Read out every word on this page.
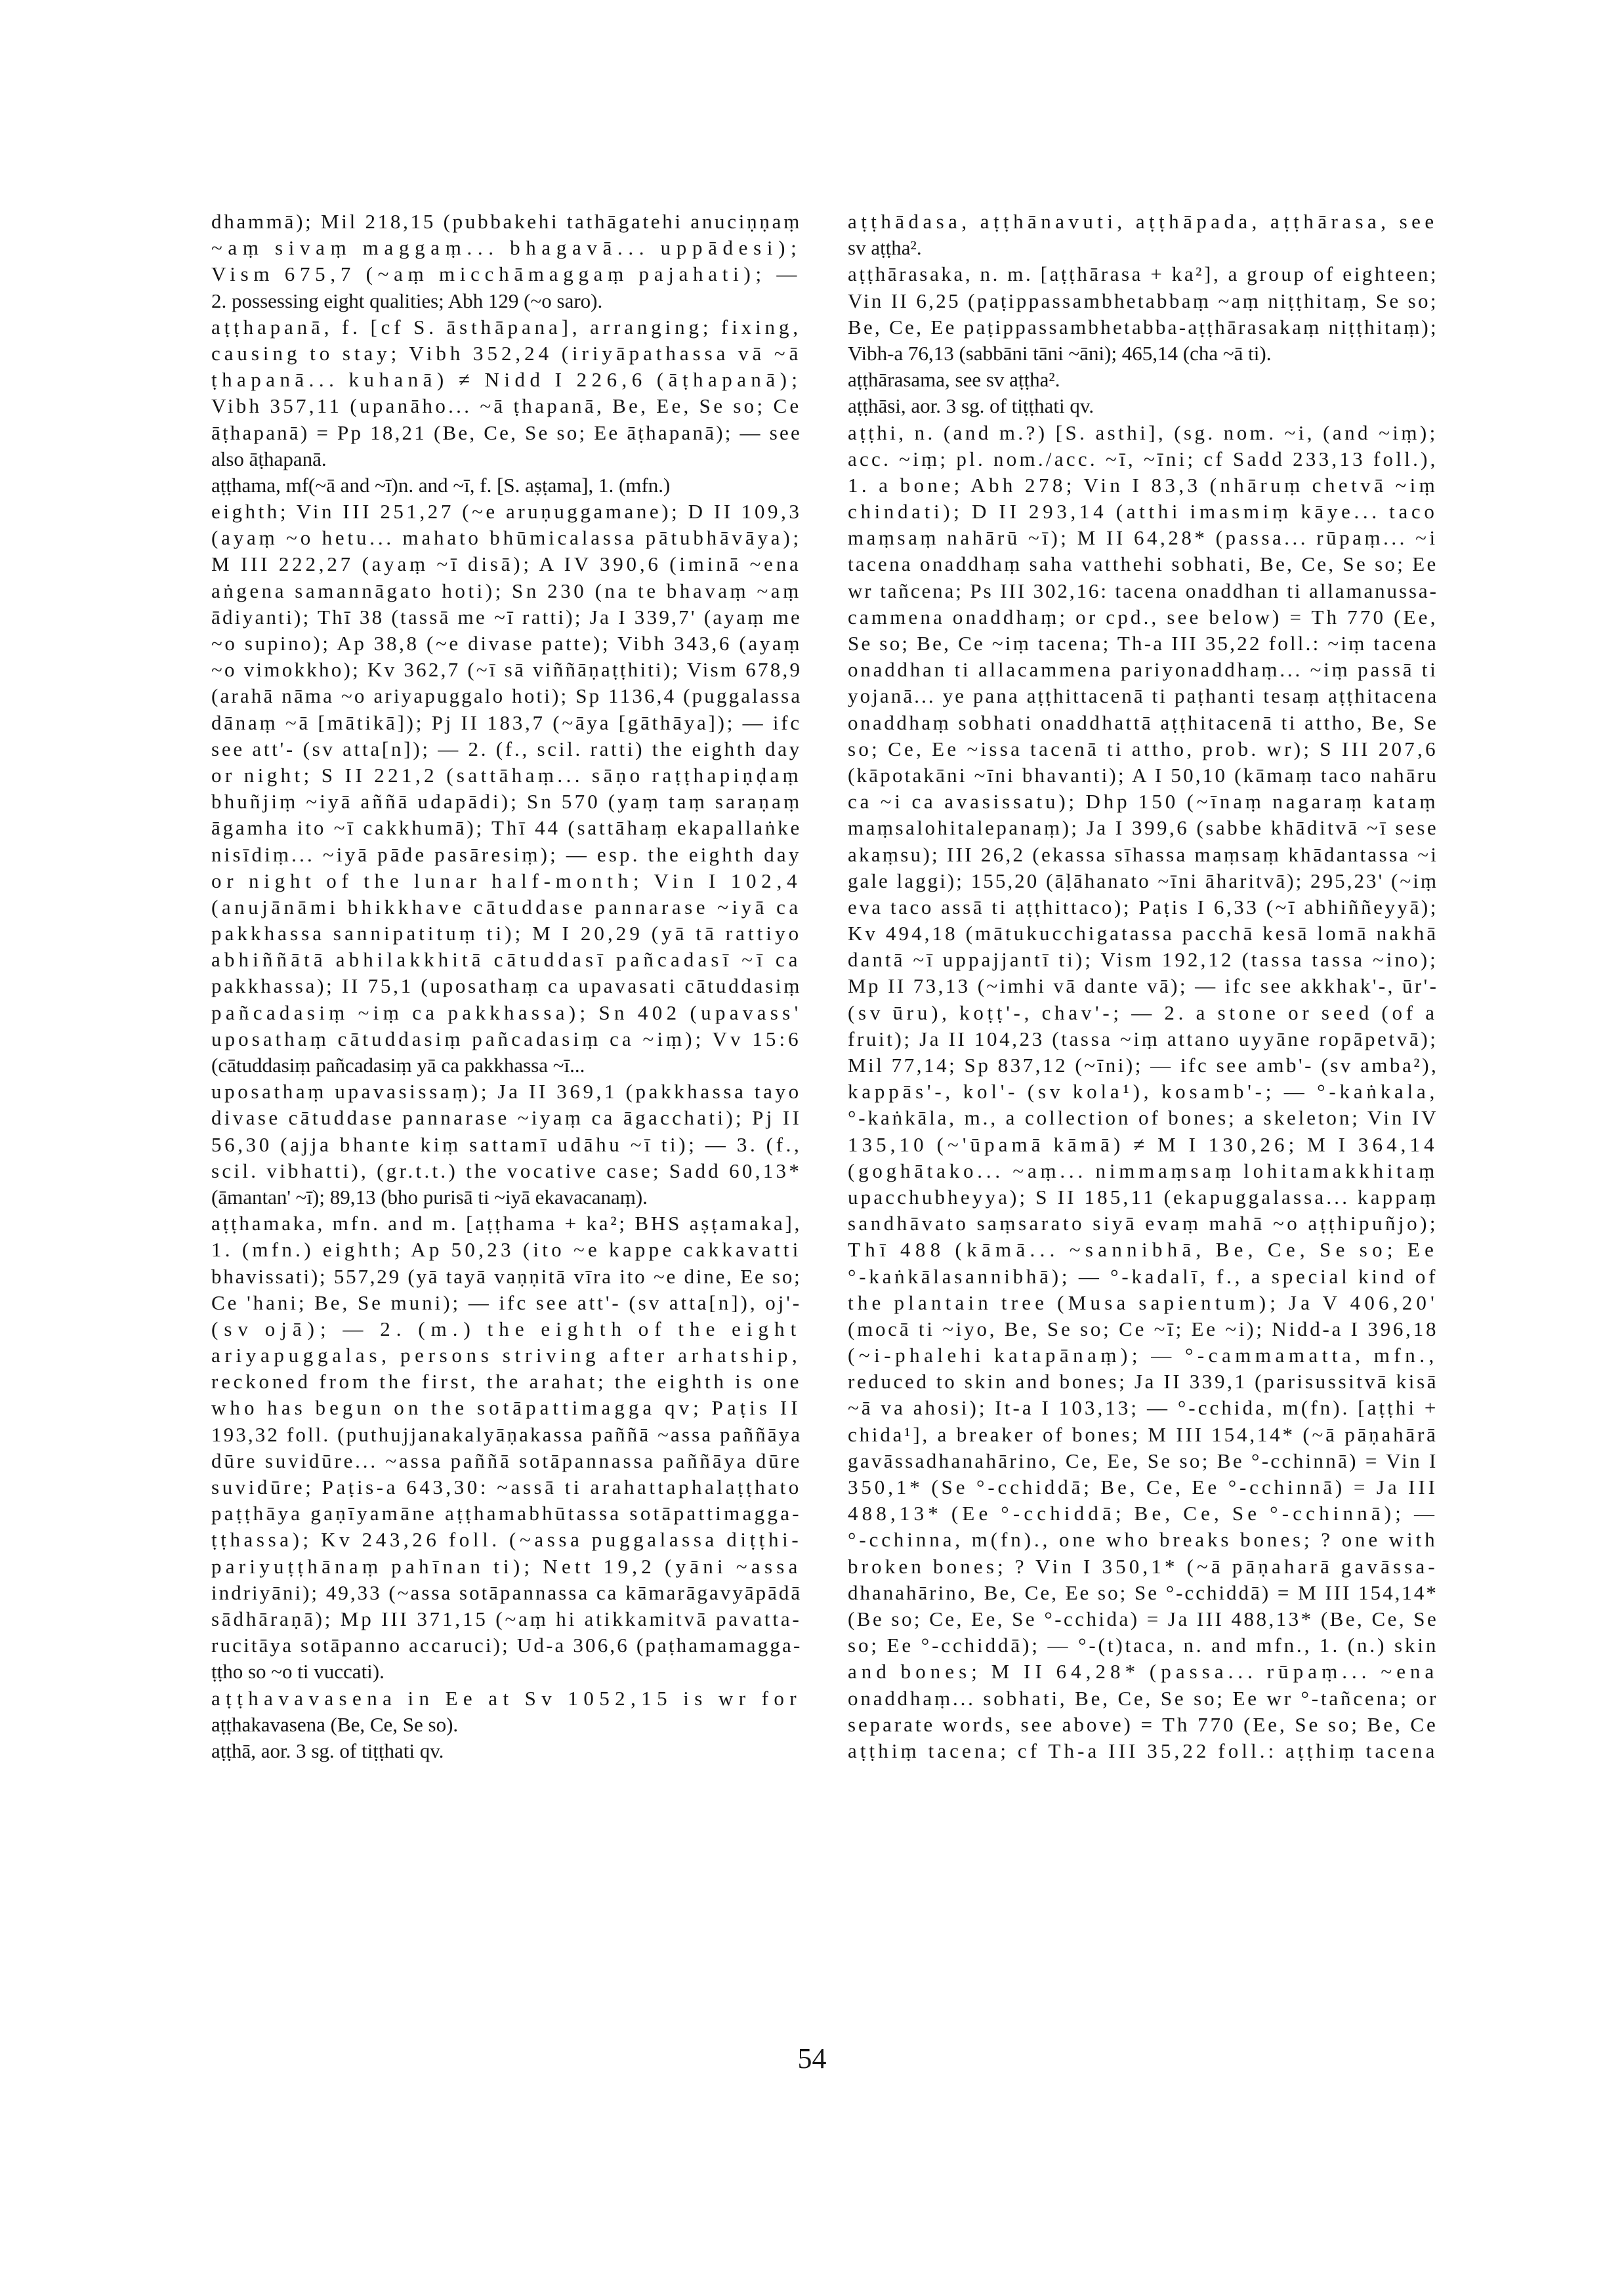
dhammā); Mil 218,15 (pubbakehi tathāgatehi anuciṇṇaṃ
~aṃ sivaṃ maggaṃ... bhagavā... uppādesi);
Vism 675,7 (~aṃ micchāmaggaṃ pajahati); —
2. possessing eight qualities; Abh 129 (~o saro).
aṭṭhapanā, f. [cf S. āsthāpana], arranging; fixing,
causing to stay; Vibh 352,24 (iriyāpathassa vā ~ā
ṭhapanā... kuhanā) ≠ Nidd I 226,6 (āṭhapanā);
Vibh 357,11 (upanāho... ~ā ṭhapanā, Be, Ee, Se so; Ce
āṭhapanā) = Pp 18,21 (Be, Ce, Se so; Ee āṭhapanā); — see
also āṭhapanā.
aṭṭhama, mf(~ā and ~ī)n. and ~ī, f. [S. aṣṭama], 1. (mfn.)
eighth; Vin III 251,27 (~e aruṇuggamane); D II 109,3
(ayaṃ ~o hetu... mahato bhūmicalassa pātubhāvāya);
M III 222,27 (ayaṃ ~ī disā); A IV 390,6 (iminā ~ena
aṅgena samannāgato hoti); Sn 230 (na te bhavaṃ ~aṃ
ādiyanti); Thī 38 (tassā me ~ī ratti); Ja I 339,7' (ayaṃ me
~o supino); Ap 38,8 (~e divase patte); Vibh 343,6 (ayaṃ
~o vimokkho); Kv 362,7 (~ī sā viññāṇaṭṭhiti); Vism 678,9
(arahā nāma ~o ariyapuggalo hoti); Sp 1136,4 (puggalassa
dānaṃ ~ā [mātikā]); Pj II 183,7 (~āya [gāthāya]); — ifc
see att'- (sv atta[n]); — 2. (f., scil. ratti) the eighth day
or night; S II 221,2 (sattāhaṃ... sāṇo raṭṭhapiṇḍaṃ
bhuñjiṃ ~iyā aññā udapādi); Sn 570 (yaṃ taṃ saraṇaṃ
āgamha ito ~ī cakkhumā); Thī 44 (sattāhaṃ ekapallaṅke
nisīdiṃ... ~iyā pāde pasāresiṃ); — esp. the eighth day
or night of the lunar half-month; Vin I 102,4
(anujānāmi bhikkhave cātuddase pannarase ~iyā ca
pakkhassa sannipatituṃ ti); M I 20,29 (yā tā rattiyo
abhiññātā abhilakkhitā cātuddasī pañcadasī ~ī ca
pakkhassa); II 75,1 (uposathaṃ ca upavasati cātuddasiṃ
pañcadasiṃ ~iṃ ca pakkhassa); Sn 402 (upavass'
uposathaṃ cātuddasiṃ pañcadasiṃ ca ~iṃ); Vv 15:6
(cātuddasiṃ pañcadasiṃ yā ca pakkhassa ~ī...
uposathaṃ upavasissaṃ); Ja II 369,1 (pakkhassa tayo
divase cātuddase pannarase ~iyaṃ ca āgacchati); Pj II
56,30 (ajja bhante kiṃ sattamī udāhu ~ī ti); — 3. (f.,
scil. vibhatti), (gr.t.t.) the vocative case; Sadd 60,13*
(āmantan' ~ī); 89,13 (bho purisā ti ~iyā ekavacanaṃ).
aṭṭhamaka, mfn. and m. [aṭṭhama + ka²; BHS aṣṭamaka],
1. (mfn.) eighth; Ap 50,23 (ito ~e kappe cakkavatti
bhavissati); 557,29 (yā tayā vaṇṇitā vīra ito ~e dine, Ee so;
Ce 'hani; Be, Se muni); — ifc see att'- (sv atta[n]), oj'-
(sv ojā); — 2. (m.) the eighth of the eight
ariyapuggalas, persons striving after arhatship,
reckoned from the first, the arahat; the eighth is one
who has begun on the sotāpattimagga qv; Paṭis II
193,32 foll. (puthujjanakalyāṇakassa paññā ~assa paññāya
dūre suvidūre... ~assa paññā sotāpannassa paññāya dūre
suvidūre; Paṭis-a 643,30: ~assā ti arahattaphalaṭṭhato
paṭṭhāya gaṇīyamāne aṭṭhamabhūtassa sotāpattimagga-
ṭṭhassa); Kv 243,26 foll. (~assa puggalassa diṭṭhi-
pariyuṭṭhānaṃ pahīnan ti); Nett 19,2 (yāni ~assa
indriyāni); 49,33 (~assa sotāpannassa ca kāmarāgavyāpādā
sādhāraṇā); Mp III 371,15 (~aṃ hi atikkamitvā pavatta-
rucitāya sotāpanno accaruci); Ud-a 306,6 (paṭhamamagga-
ṭṭho so ~o ti vuccati).
aṭṭhavavasena in Ee at Sv 1052,15 is wr for
aṭṭhakavasena (Be, Ce, Se so).
aṭṭhā, aor. 3 sg. of tiṭṭhati qv.
aṭṭhādasa, aṭṭhānavuti, aṭṭhāpada, aṭṭhārasa, see
sv aṭṭha².
aṭṭhārasaka, n. m. [aṭṭhārasa + ka²], a group of eighteen;
Vin II 6,25 (paṭippassambhetabbaṃ ~aṃ niṭṭhitaṃ, Se so;
Be, Ce, Ee paṭippassambhetabba-aṭṭhārasakaṃ niṭṭhitaṃ);
Vibh-a 76,13 (sabbāni tāni ~āni); 465,14 (cha ~ā ti).
aṭṭhārasama, see sv aṭṭha².
aṭṭhāsi, aor. 3 sg. of tiṭṭhati qv.
aṭṭhi, n. (and m.?) [S. asthi], (sg. nom. ~i, (and ~iṃ);
acc. ~iṃ; pl. nom./acc. ~ī, ~īni; cf Sadd 233,13 foll.),
1. a bone; Abh 278; Vin I 83,3 (nhāruṃ chetvā ~iṃ
chindati); D II 293,14 (atthi imasmiṃ kāye... taco
maṃsaṃ nahārū ~ī); M II 64,28* (passa... rūpaṃ... ~i
tacena onaddhaṃ saha vatthehi sobhati, Be, Ce, Se so; Ee
wr tañcena; Ps III 302,16: tacena onaddhan ti allamanussa-
cammena onaddhaṃ; or cpd., see below) = Th 770 (Ee,
Se so; Be, Ce ~iṃ tacena; Th-a III 35,22 foll.: ~iṃ tacena
onaddhan ti allacammena pariyonaddhaṃ... ~iṃ passā ti
yojanā... ye pana aṭṭhittacenā ti paṭhanti tesaṃ aṭṭhitacena
onaddhaṃ sobhati onaddhattā aṭṭhitacenā ti attho, Be, Se
so; Ce, Ee ~issa tacenā ti attho, prob. wr); S III 207,6
(kāpotakāni ~īni bhavanti); A I 50,10 (kāmaṃ taco nahāru
ca ~i ca avasissatu); Dhp 150 (~īnaṃ nagaraṃ kataṃ
maṃsalohitalepanaṃ); Ja I 399,6 (sabbe khāditvā ~ī sese
akaṃsu); III 26,2 (ekassa sīhassa maṃsaṃ khādantassa ~i
gale laggi); 155,20 (āḷāhanato ~īni āharitvā); 295,23' (~iṃ
eva taco assā ti aṭṭhittaco); Paṭis I 6,33 (~ī abhiññeyyā);
Kv 494,18 (mātukucchigatassa pacchā kesā lomā nakhā
dantā ~ī uppajjantī ti); Vism 192,12 (tassa tassa ~ino);
Mp II 73,13 (~imhi vā dante vā); — ifc see akkhak'-, ūr'-
(sv ūru), koṭṭ'-, chav'-; — 2. a stone or seed (of a
fruit); Ja II 104,23 (tassa ~iṃ attano uyyāne ropāpetvā);
Mil 77,14; Sp 837,12 (~īni); — ifc see amb'- (sv amba²),
kappās'-, kol'- (sv kola¹), kosamb'-; — °-kaṅkala,
°-kaṅkāla, m., a collection of bones; a skeleton; Vin IV
135,10 (~'ūpamā kāmā) ≠ M I 130,26; M I 364,14
(goghātako... ~aṃ... nimmaṃsaṃ lohitamakkhitaṃ
upacchubheyya); S II 185,11 (ekapuggalassa... kappaṃ
sandhāvato saṃsarato siyā evaṃ mahā ~o aṭṭhipuñjo);
Thī 488 (kāmā... ~sannibhā, Be, Ce, Se so; Ee
°-kaṅkālasannibhā); — °-kadalī, f., a special kind of
the plantain tree (Musa sapientum); Ja V 406,20'
(mocā ti ~iyo, Be, Se so; Ce ~ī; Ee ~i); Nidd-a I 396,18
(~i-phalehi katapānaṃ); — °-cammamatta, mfn.,
reduced to skin and bones; Ja II 339,1 (parisussitvā kisā
~ā va ahosi); It-a I 103,13; — °-cchida, m(fn). [aṭṭhi +
chida¹], a breaker of bones; M III 154,14* (~ā pāṇahārā
gavāssadhanahārino, Ce, Ee, Se so; Be °-cchinnā) = Vin I
350,1* (Se °-cchiddā; Be, Ce, Ee °-cchinnā) = Ja III
488,13* (Ee °-cchiddā; Be, Ce, Se °-cchinnā); —
°-cchinna, m(fn)., one who breaks bones; ? one with
broken bones; ? Vin I 350,1* (~ā pāṇaharā gavāssa-
dhanahārino, Be, Ce, Ee so; Se °-cchiddā) = M III 154,14*
(Be so; Ce, Ee, Se °-cchida) = Ja III 488,13* (Be, Ce, Se
so; Ee °-cchiddā); — °-(t)taca, n. and mfn., 1. (n.) skin
and bones; M II 64,28* (passa... rūpaṃ... ~ena
onaddhaṃ... sobhati, Be, Ce, Se so; Ee wr °-tañcena; or
separate words, see above) = Th 770 (Ee, Se so; Be, Ce
aṭṭhiṃ tacena; cf Th-a III 35,22 foll.: aṭṭhiṃ tacena
54
